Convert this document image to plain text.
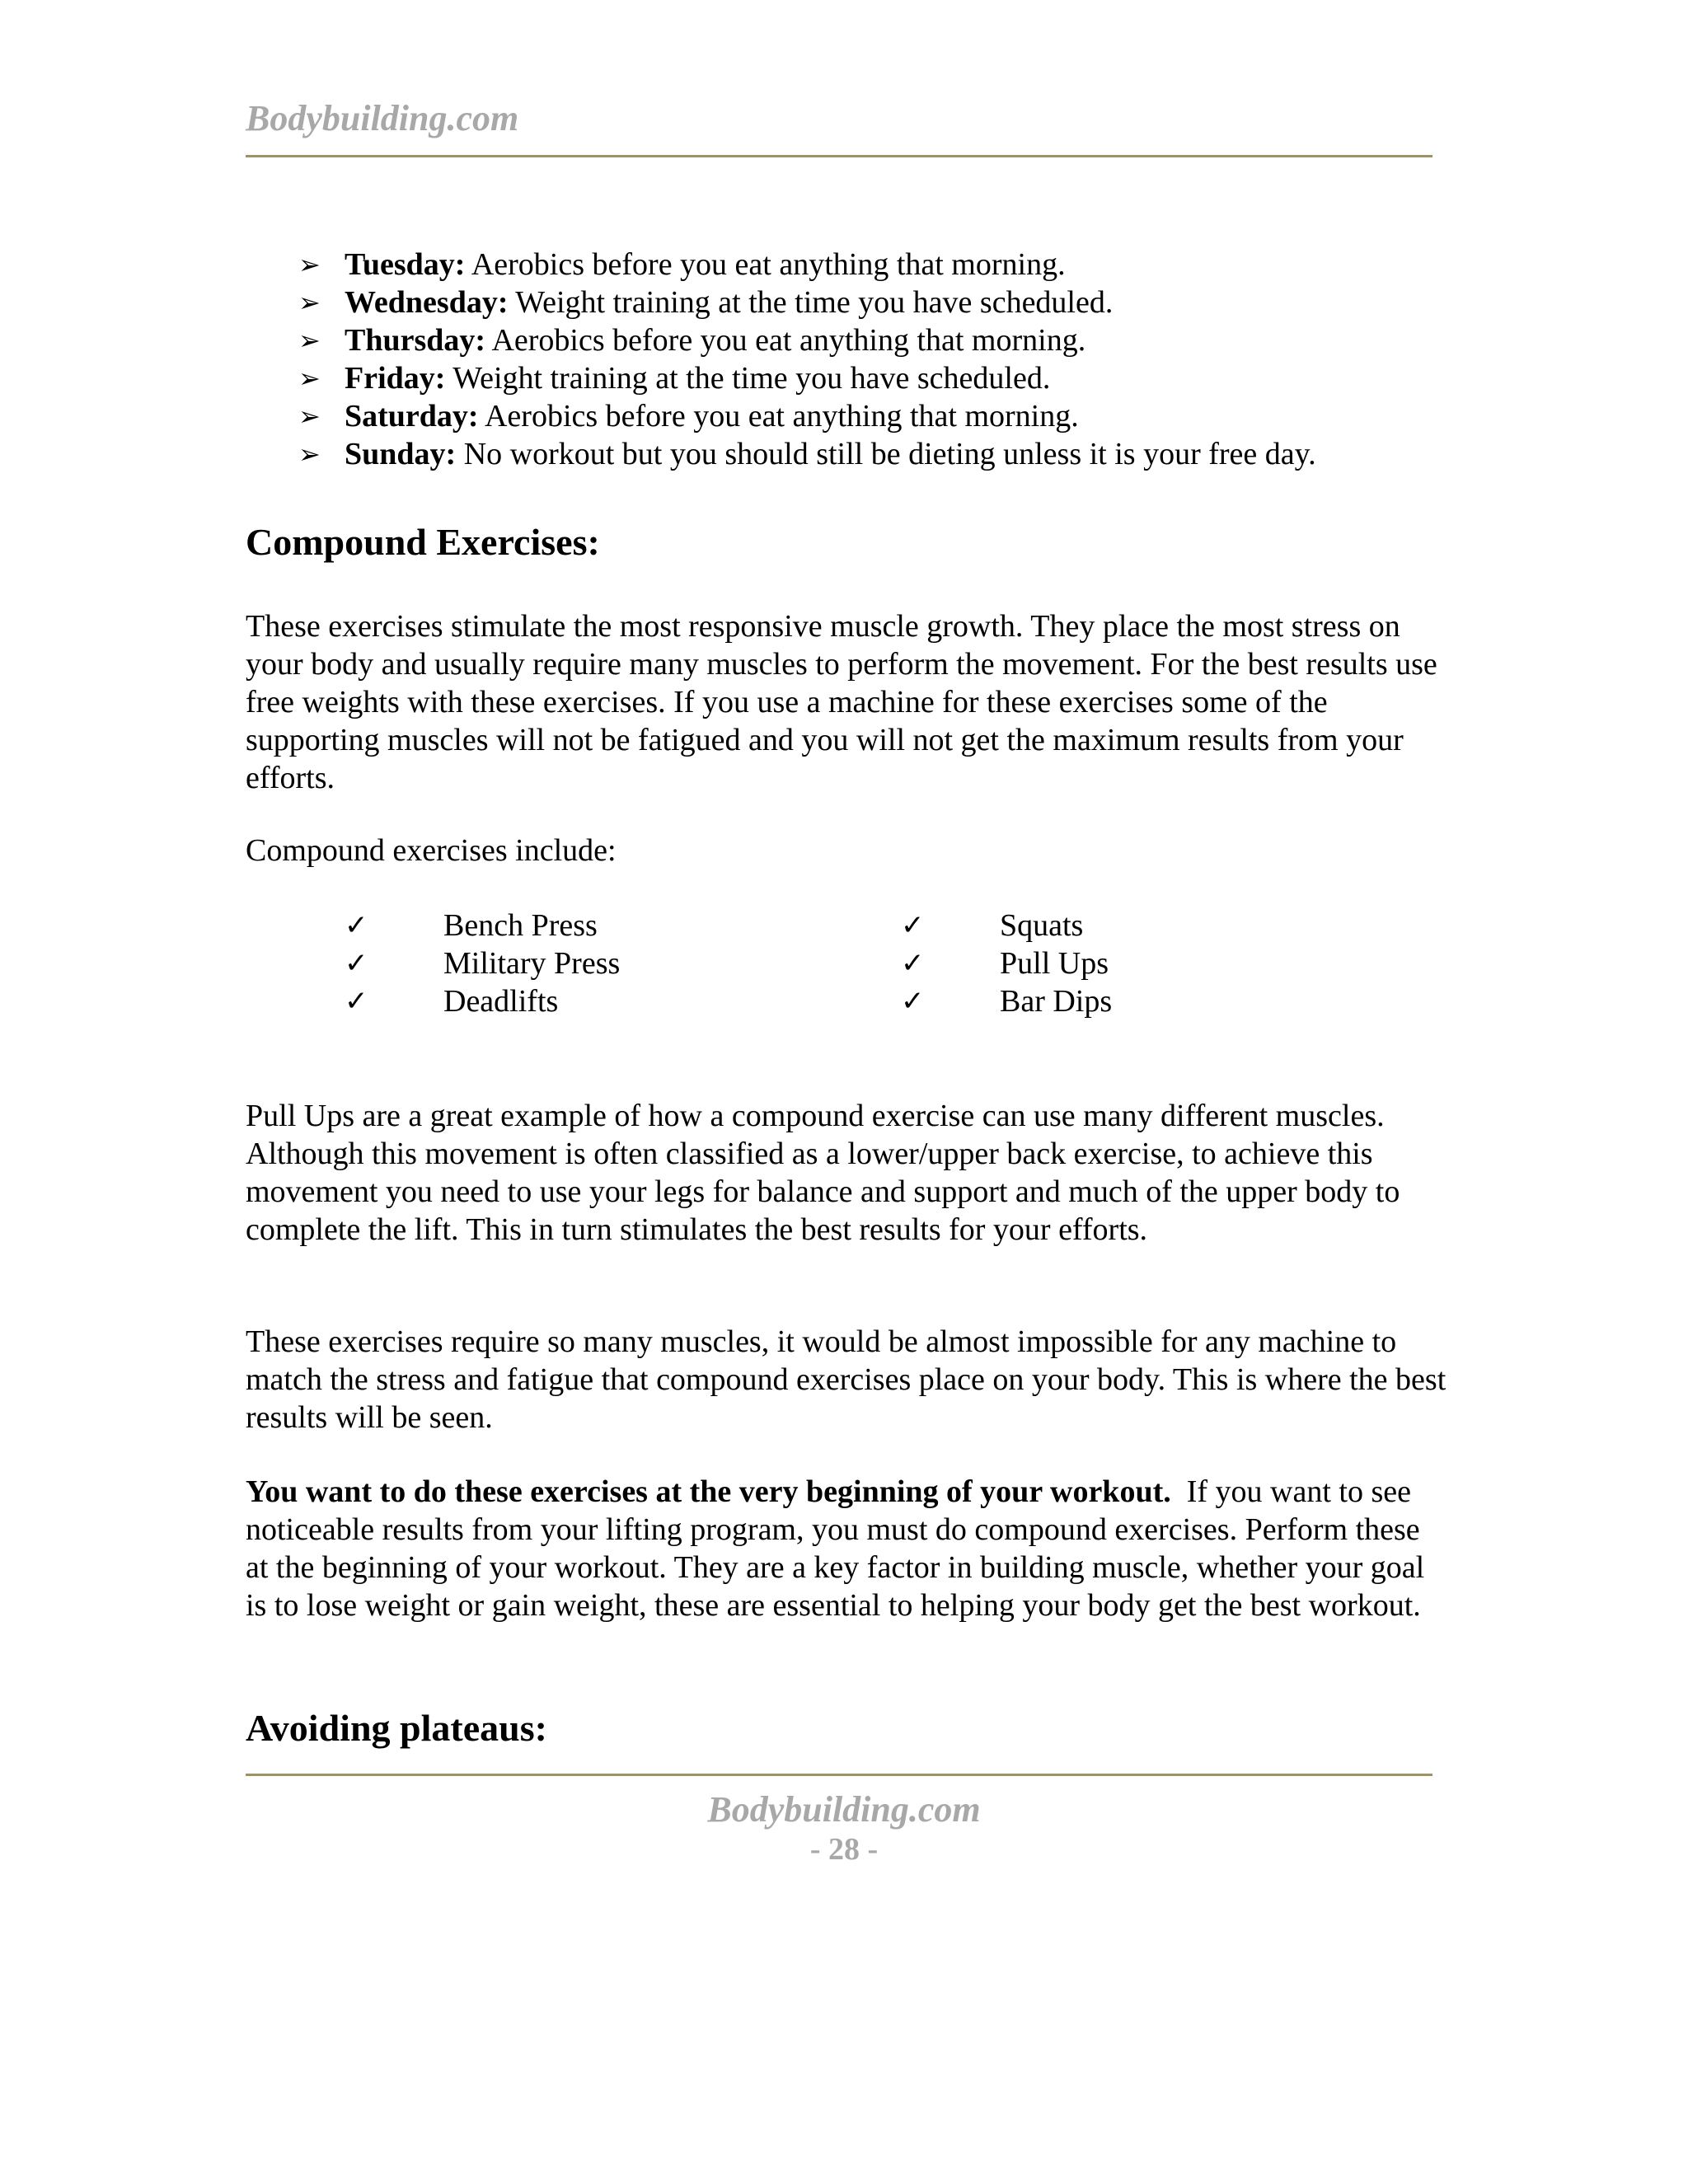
Bodybuilding.com
➢ Tuesday: Aerobics before you eat anything that morning.
➢ Wednesday: Weight training at the time you have scheduled.
➢ Thursday: Aerobics before you eat anything that morning.
➢ Friday: Weight training at the time you have scheduled.
➢ Saturday: Aerobics before you eat anything that morning.
➢ Sunday: No workout but you should still be dieting unless it is your free day.
Compound Exercises:

These exercises stimulate the most responsive muscle growth. They place the most stress on your body and usually require many muscles to perform the movement. For the best results use free weights with these exercises. If you use a machine for these exercises some of the supporting muscles will not be fatigued and you will not get the maximum results from your efforts.

Compound exercises include:

✓ Bench Press
✓ Military Press
✓ Deadlifts
✓ Squats
✓ Pull Ups
✓ Bar Dips

Pull Ups are a great example of how a compound exercise can use many different muscles. Although this movement is often classified as a lower/upper back exercise, to achieve this movement you need to use your legs for balance and support and much of the upper body to complete the lift. This in turn stimulates the best results for your efforts.

These exercises require so many muscles, it would be almost impossible for any machine to match the stress and fatigue that compound exercises place on your body. This is where the best results will be seen.

You want to do these exercises at the very beginning of your workout.  If you want to see noticeable results from your lifting program, you must do compound exercises. Perform these at the beginning of your workout. They are a key factor in building muscle, whether your goal is to lose weight or gain weight, these are essential to helping your body get the best workout.

Avoiding plateaus:
Bodybuilding.com
- 28 -
